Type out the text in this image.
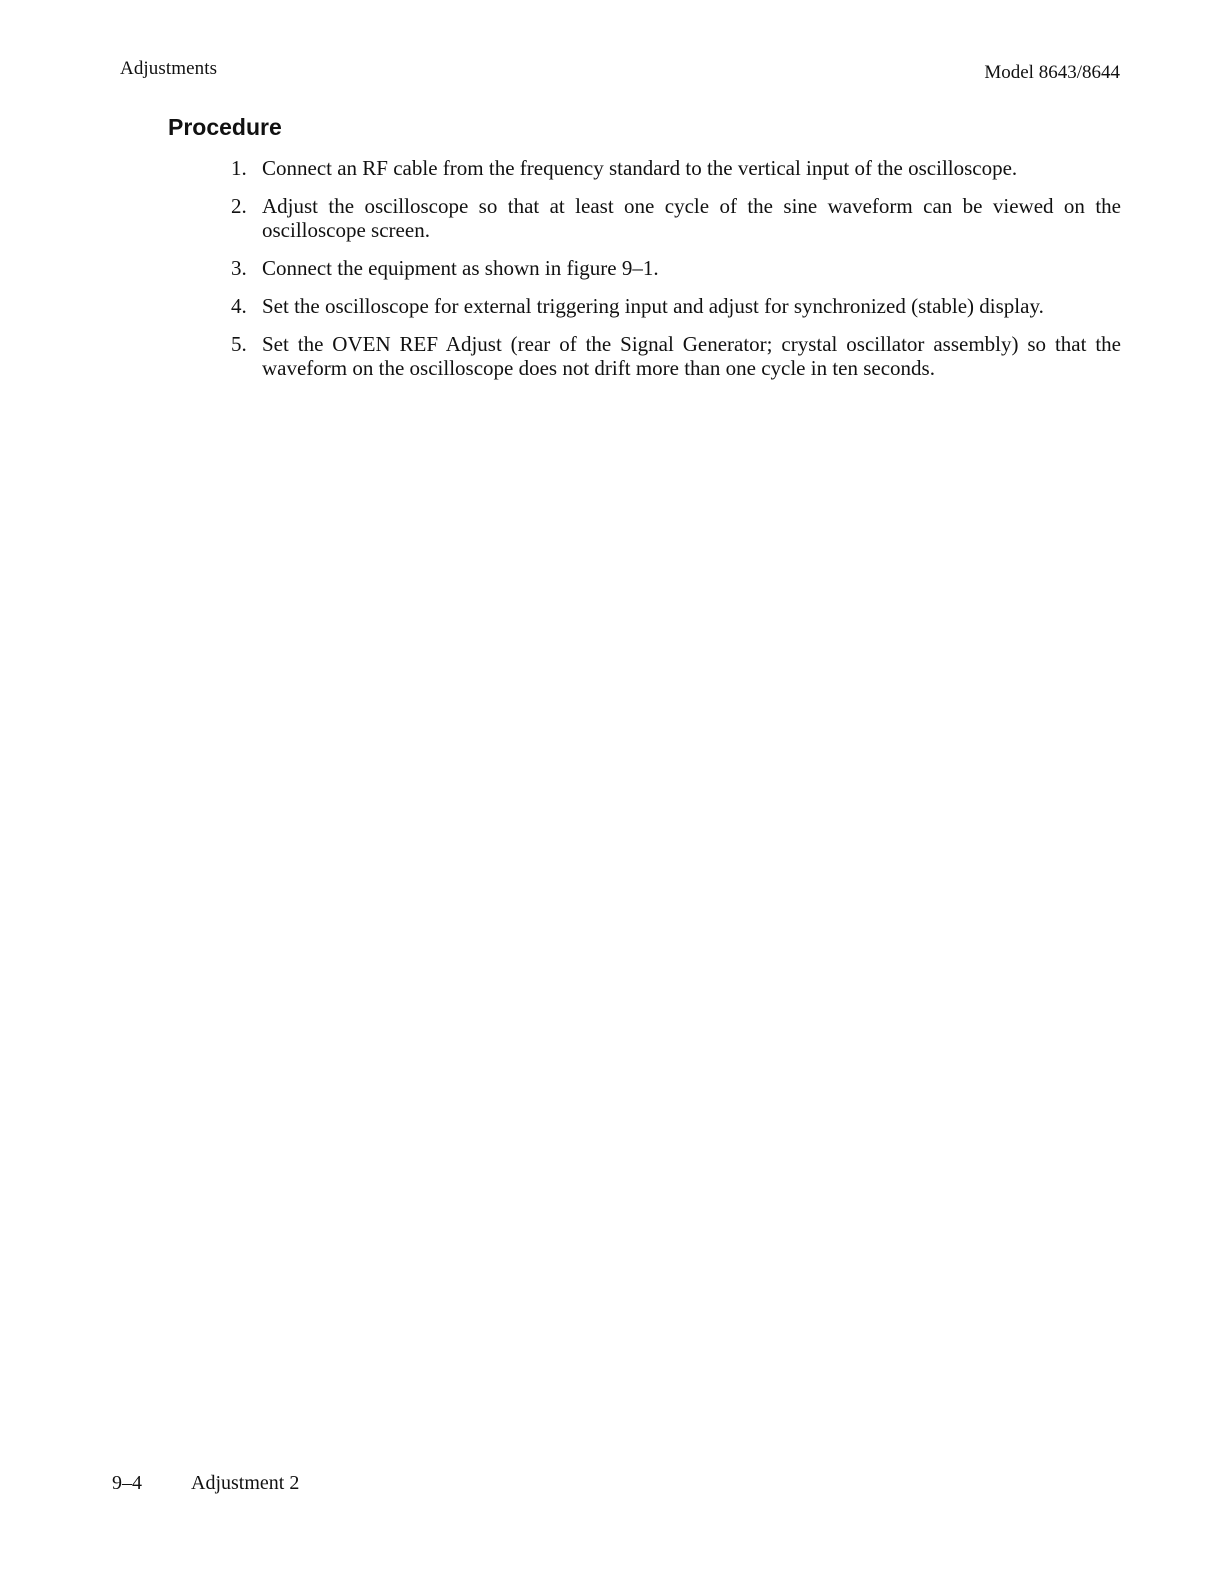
Adjustments	Model 8643/8644
Procedure
1. Connect an RF cable from the frequency standard to the vertical input of the oscilloscope.
2. Adjust the oscilloscope so that at least one cycle of the sine waveform can be viewed on the oscilloscope screen.
3. Connect the equipment as shown in figure 9–1.
4. Set the oscilloscope for external triggering input and adjust for synchronized (stable) display.
5. Set the OVEN REF Adjust (rear of the Signal Generator; crystal oscillator assembly) so that the waveform on the oscilloscope does not drift more than one cycle in ten seconds.
9–4 Adjustment 2
